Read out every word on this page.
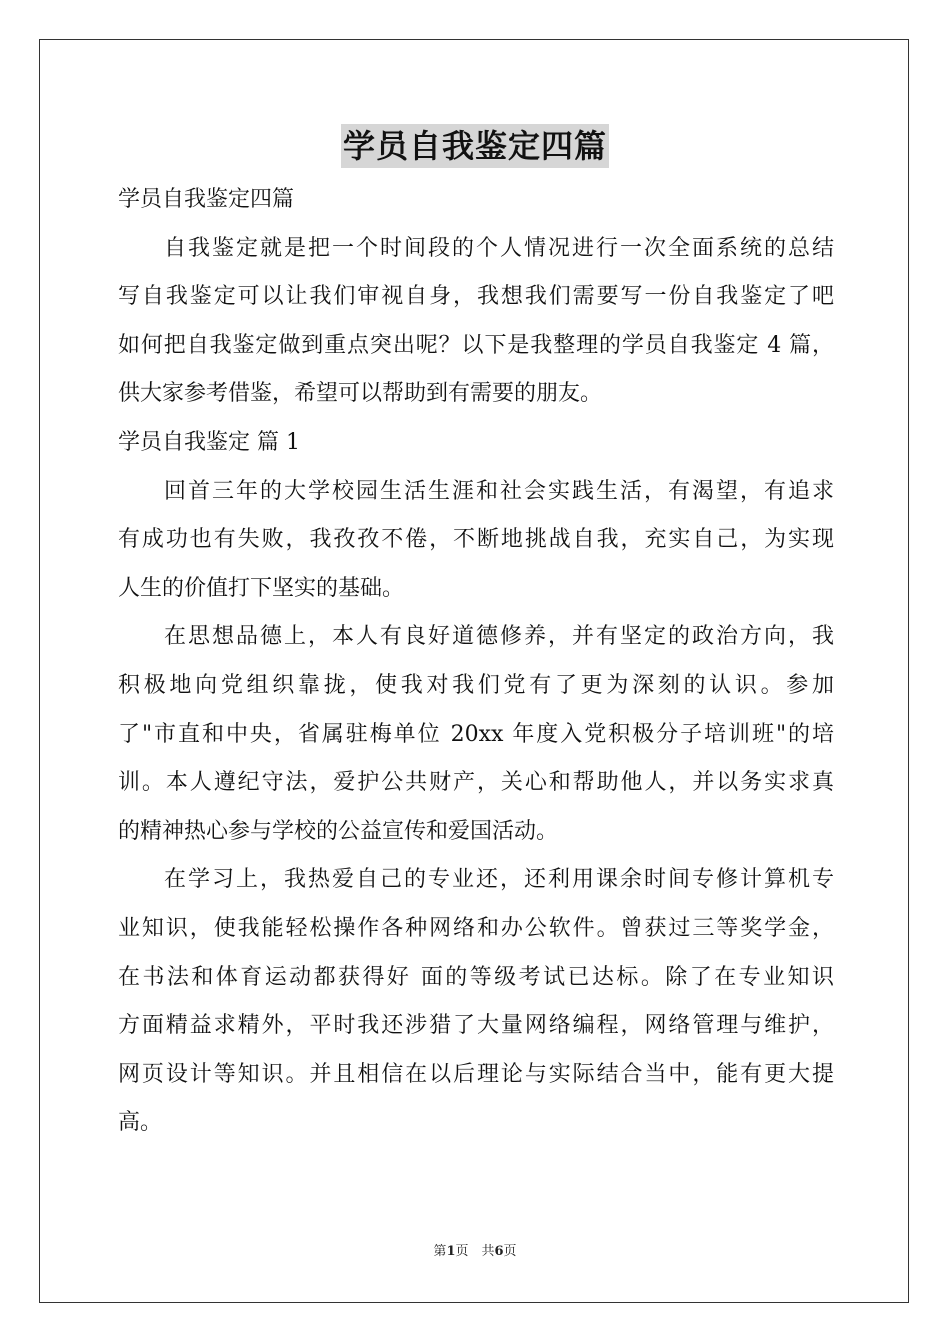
学员自我鉴定四篇
学员自我鉴定四篇
自我鉴定就是把一个时间段的个人情况进行一次全面系统的总结
写自我鉴定可以让我们审视自身，我想我们需要写一份自我鉴定了吧
如何把自我鉴定做到重点突出呢？以下是我整理的学员自我鉴定 4 篇，
供大家参考借鉴，希望可以帮助到有需要的朋友。
学员自我鉴定 篇 1
回首三年的大学校园生活生涯和社会实践生活，有渴望，有追求
有成功也有失败，我孜孜不倦，不断地挑战自我，充实自己，为实现
人生的价值打下坚实的基础。
在思想品德上，本人有良好道德修养，并有坚定的政治方向，我
积极地向党组织靠拢，使我对我们党有了更为深刻的认识。参加
了"市直和中央，省属驻梅单位 20xx 年度入党积极分子培训班"的培
训。本人遵纪守法，爱护公共财产，关心和帮助他人，并以务实求真
的精神热心参与学校的公益宣传和爱国活动。
在学习上，我热爱自己的专业还，还利用课余时间专修计算机专
业知识，使我能轻松操作各种网络和办公软件。曾获过三等奖学金，
在书法和体育运动都获得好 面的等级考试已达标。除了在专业知识
方面精益求精外，平时我还涉猎了大量网络编程，网络管理与维护，
网页设计等知识。并且相信在以后理论与实际结合当中，能有更大提
高。
第1页　共6页
